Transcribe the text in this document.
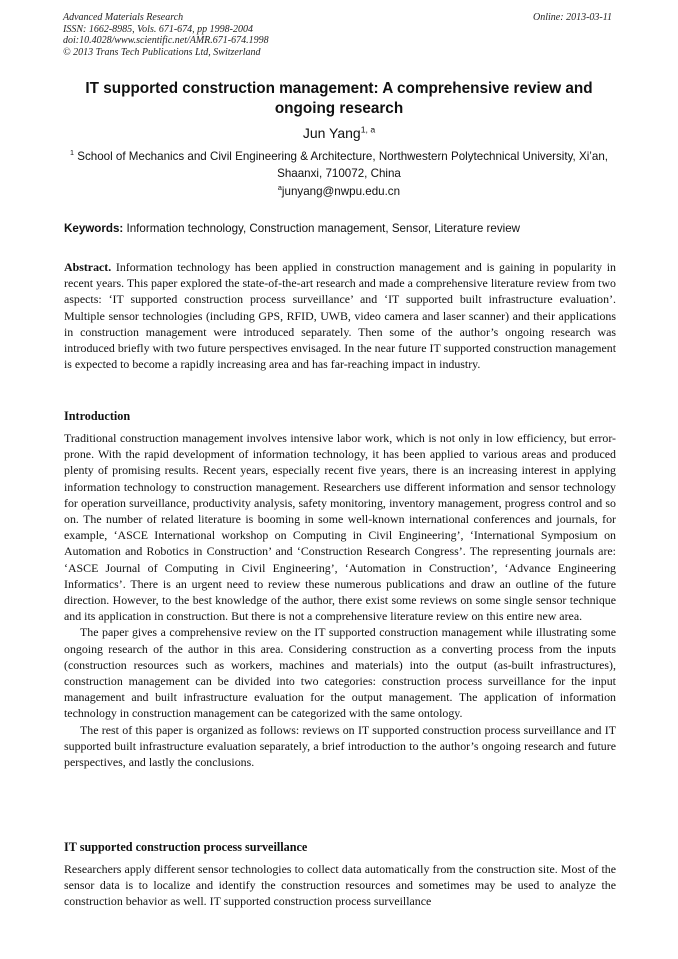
Advanced Materials Research
ISSN: 1662-8985, Vols. 671-674, pp 1998-2004
doi:10.4028/www.scientific.net/AMR.671-674.1998
© 2013 Trans Tech Publications Ltd, Switzerland
Online: 2013-03-11
IT supported construction management: A comprehensive review and ongoing research
Jun Yang$^{1, a}$
$^1$ School of Mechanics and Civil Engineering & Architecture, Northwestern Polytechnical University, Xi’an, Shaanxi, 710072, China
$^a$junyang@nwpu.edu.cn
Keywords: Information technology, Construction management, Sensor, Literature review
Abstract. Information technology has been applied in construction management and is gaining in popularity in recent years. This paper explored the state-of-the-art research and made a comprehensive literature review from two aspects: ‘IT supported construction process surveillance’ and ‘IT supported built infrastructure evaluation’. Multiple sensor technologies (including GPS, RFID, UWB, video camera and laser scanner) and their applications in construction management were introduced separately. Then some of the author’s ongoing research was introduced briefly with two future perspectives envisaged. In the near future IT supported construction management is expected to become a rapidly increasing area and has far-reaching impact in industry.
Introduction

Traditional construction management involves intensive labor work, which is not only in low efficiency, but error-prone. With the rapid development of information technology, it has been applied to various areas and produced plenty of promising results. Recent years, especially recent five years, there is an increasing interest in applying information technology to construction management. Researchers use different information and sensor technology for operation surveillance, productivity analysis, safety monitoring, inventory management, progress control and so on. The number of related literature is booming in some well-known international conferences and journals, for example, ‘ASCE International workshop on Computing in Civil Engineering’, ‘International Symposium on Automation and Robotics in Construction’ and ‘Construction Research Congress’. The representing journals are: ‘ASCE Journal of Computing in Civil Engineering’, ‘Automation in Construction’, ‘Advance Engineering Informatics’. There is an urgent need to review these numerous publications and draw an outline of the future direction. However, to the best knowledge of the author, there exist some reviews on some single sensor technique and its application in construction. But there is not a comprehensive literature review on this entire new area.

The paper gives a comprehensive review on the IT supported construction management while illustrating some ongoing research of the author in this area. Considering construction as a converting process from the inputs (construction resources such as workers, machines and materials) into the output (as-built infrastructures), construction management can be divided into two categories: construction process surveillance for the input management and built infrastructure evaluation for the output management. The application of information technology in construction management can be categorized with the same ontology.

The rest of this paper is organized as follows: reviews on IT supported construction process surveillance and IT supported built infrastructure evaluation separately, a brief introduction to the author’s ongoing research and future perspectives, and lastly the conclusions.

IT supported construction process surveillance

Researchers apply different sensor technologies to collect data automatically from the construction site. Most of the sensor data is to localize and identify the construction resources and sometimes may be used to analyze the construction behavior as well. IT supported construction process surveillance
